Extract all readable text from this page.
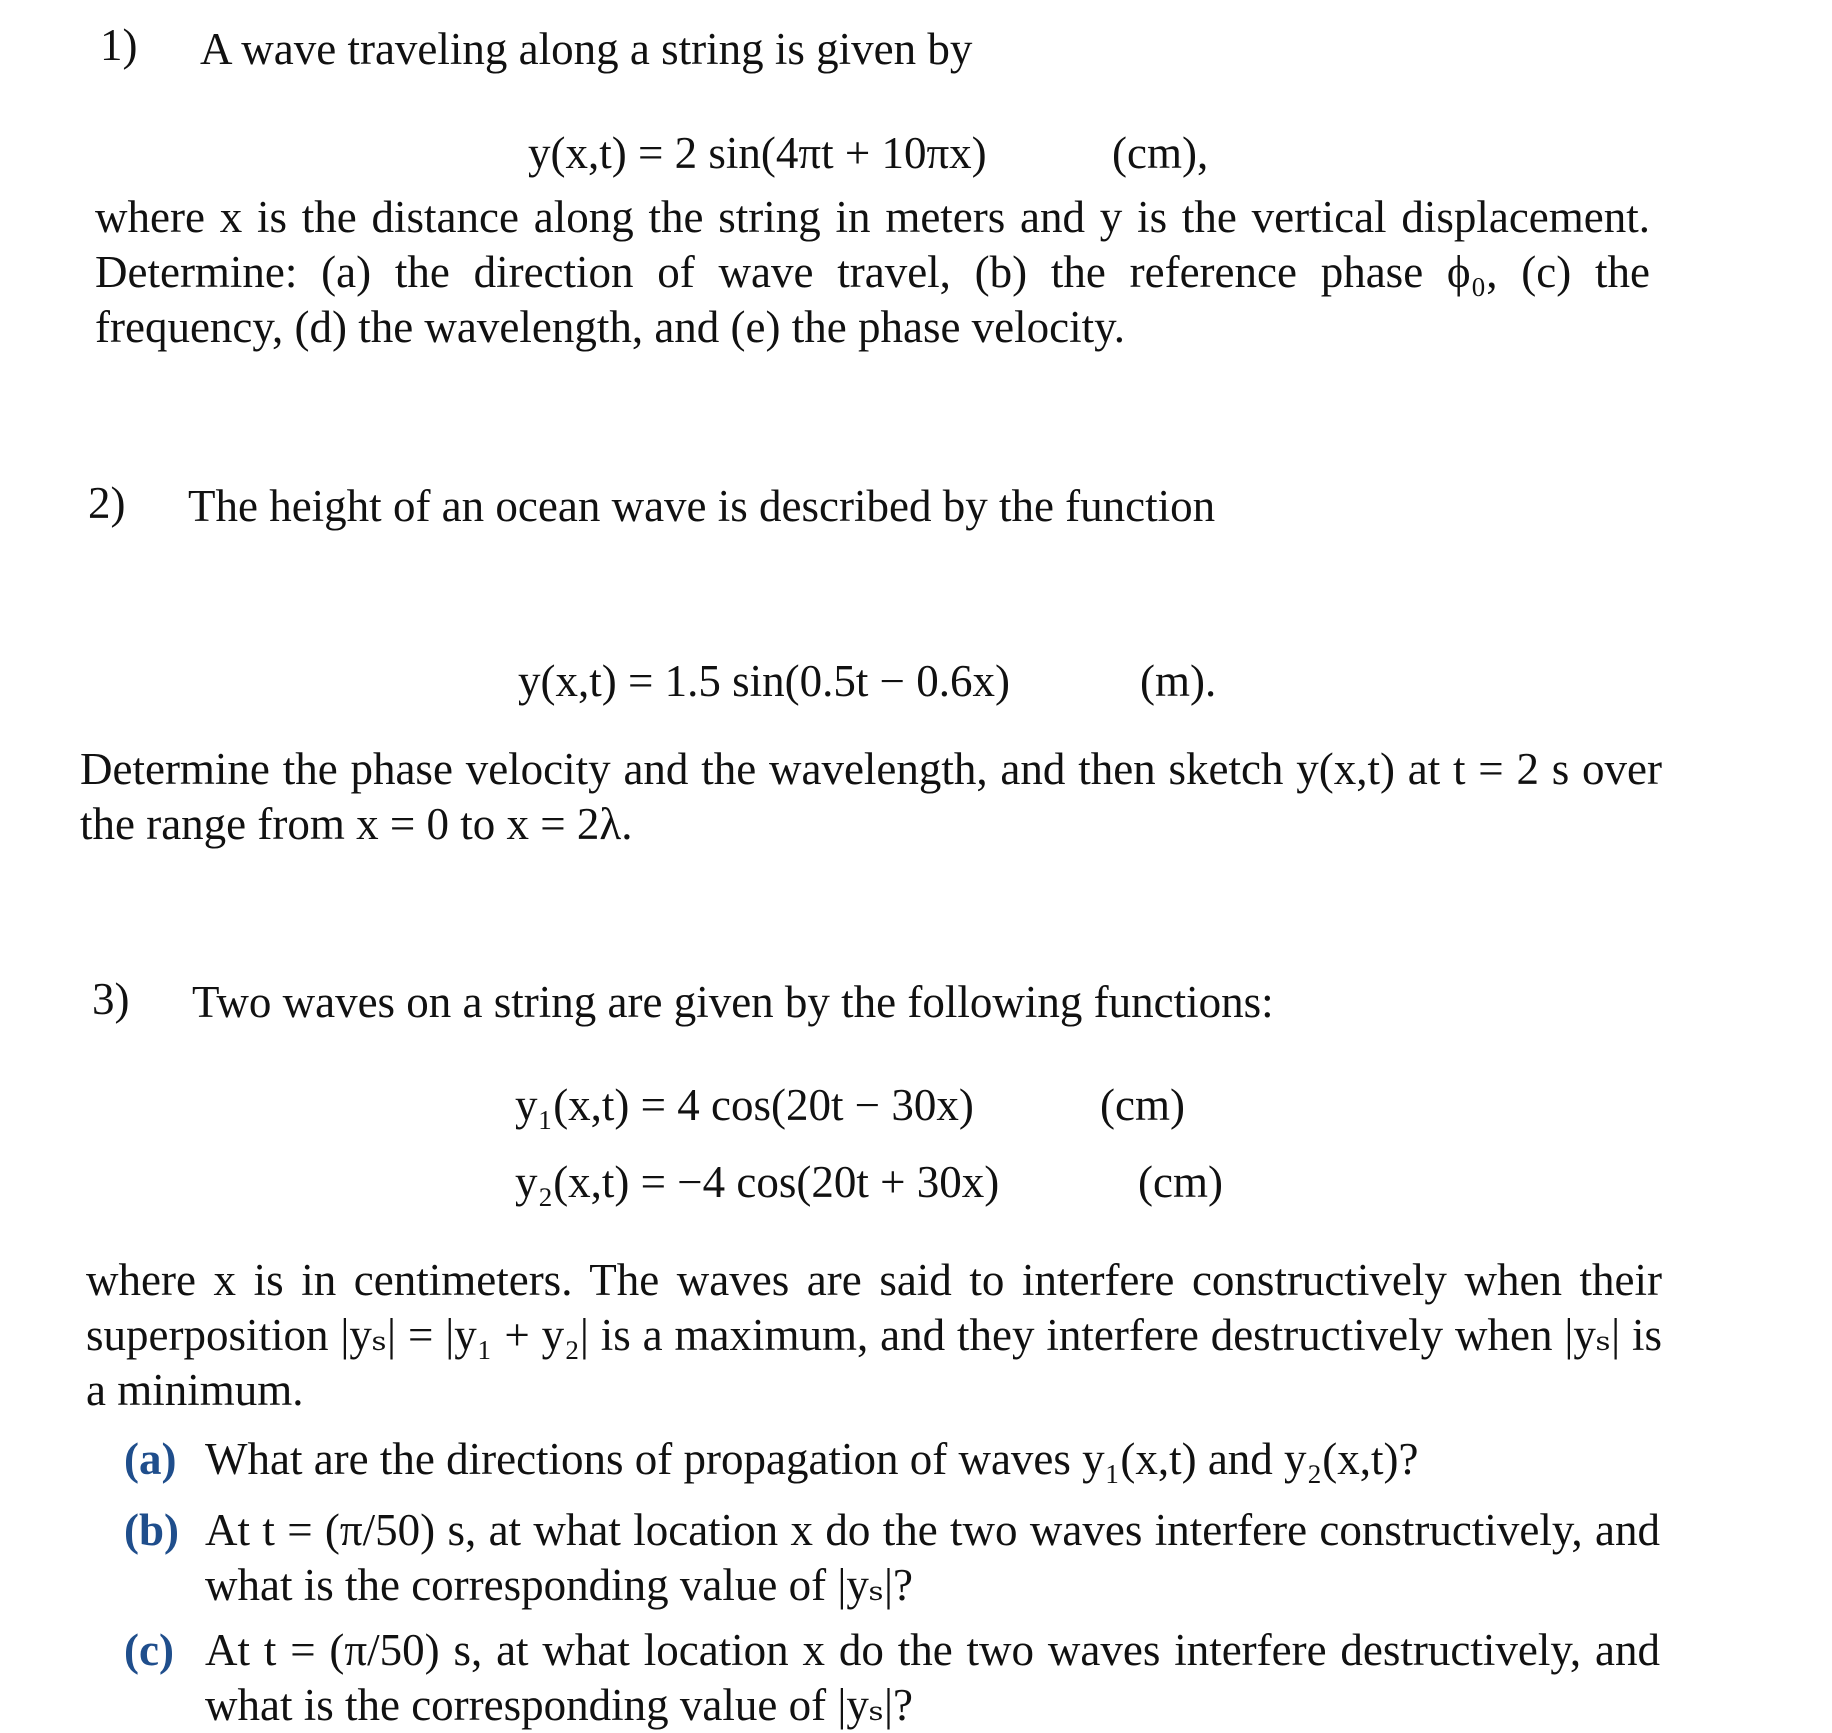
1) A wave traveling along a string is given by
y(x,t) = 2 sin(4πt + 10πx)	(cm),
where x is the distance along the string in meters and y is the vertical displacement. Determine: (a) the direction of wave travel, (b) the reference phase ϕ₀, (c) the frequency, (d) the wavelength, and (e) the phase velocity.
2) The height of an ocean wave is described by the function
y(x,t) = 1.5 sin(0.5t − 0.6x)	(m).
Determine the phase velocity and the wavelength, and then sketch y(x,t) at t = 2 s over the range from x = 0 to x = 2λ.
3) Two waves on a string are given by the following functions:
y₁(x,t) = 4 cos(20t − 30x)	(cm)
y₂(x,t) = −4 cos(20t + 30x)	(cm)
where x is in centimeters. The waves are said to interfere constructively when their superposition |yₛ| = |y₁ + y₂| is a maximum, and they interfere destructively when |yₛ| is a minimum.
(a) What are the directions of propagation of waves y₁(x,t) and y₂(x,t)?
(b) At t = (π/50) s, at what location x do the two waves interfere constructively, and what is the corresponding value of |yₛ|?
(c) At t = (π/50) s, at what location x do the two waves interfere destructively, and what is the corresponding value of |yₛ|?
